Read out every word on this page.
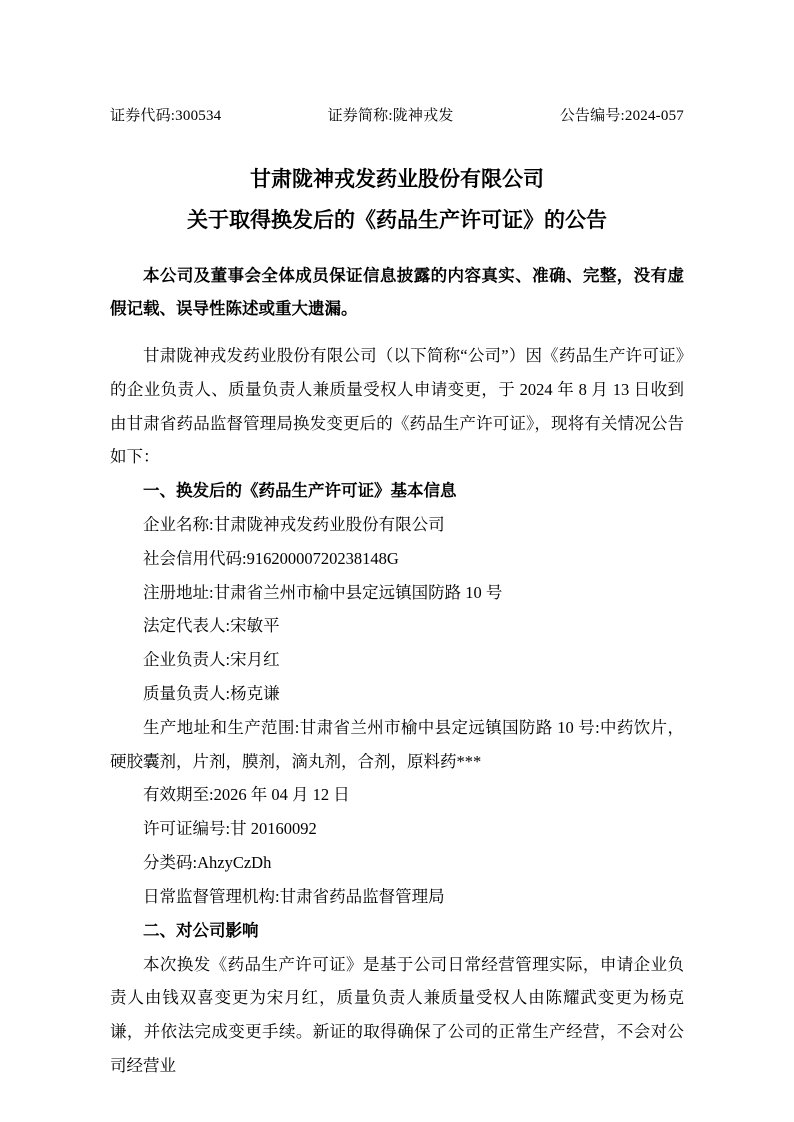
证券代码:300534	证券简称:陇神戎发	公告编号:2024-057
甘肃陇神戎发药业股份有限公司
关于取得换发后的《药品生产许可证》的公告
本公司及董事会全体成员保证信息披露的内容真实、准确、完整，没有虚假记载、误导性陈述或重大遗漏。
甘肃陇神戎发药业股份有限公司（以下简称“公司”）因《药品生产许可证》的企业负责人、质量负责人兼质量受权人申请变更，于 2024 年 8 月 13 日收到由甘肃省药品监督管理局换发变更后的《药品生产许可证》，现将有关情况公告如下：
一、换发后的《药品生产许可证》基本信息
企业名称:甘肃陇神戎发药业股份有限公司
社会信用代码:91620000720238148G
注册地址:甘肃省兰州市榆中县定远镇国防路 10 号
法定代表人:宋敏平
企业负责人:宋月红
质量负责人:杨克谦
生产地址和生产范围:甘肃省兰州市榆中县定远镇国防路 10 号:中药饮片，硬胶囊剂，片剂，膜剂，滴丸剂，合剂，原料药***
有效期至:2026 年 04 月 12 日
许可证编号:甘 20160092
分类码:AhzyCzDh
日常监督管理机构:甘肃省药品监督管理局
二、对公司影响
本次换发《药品生产许可证》是基于公司日常经营管理实际，申请企业负责人由钱双喜变更为宋月红，质量负责人兼质量受权人由陈耀武变更为杨克谦，并依法完成变更手续。新证的取得确保了公司的正常生产经营，不会对公司经营业
